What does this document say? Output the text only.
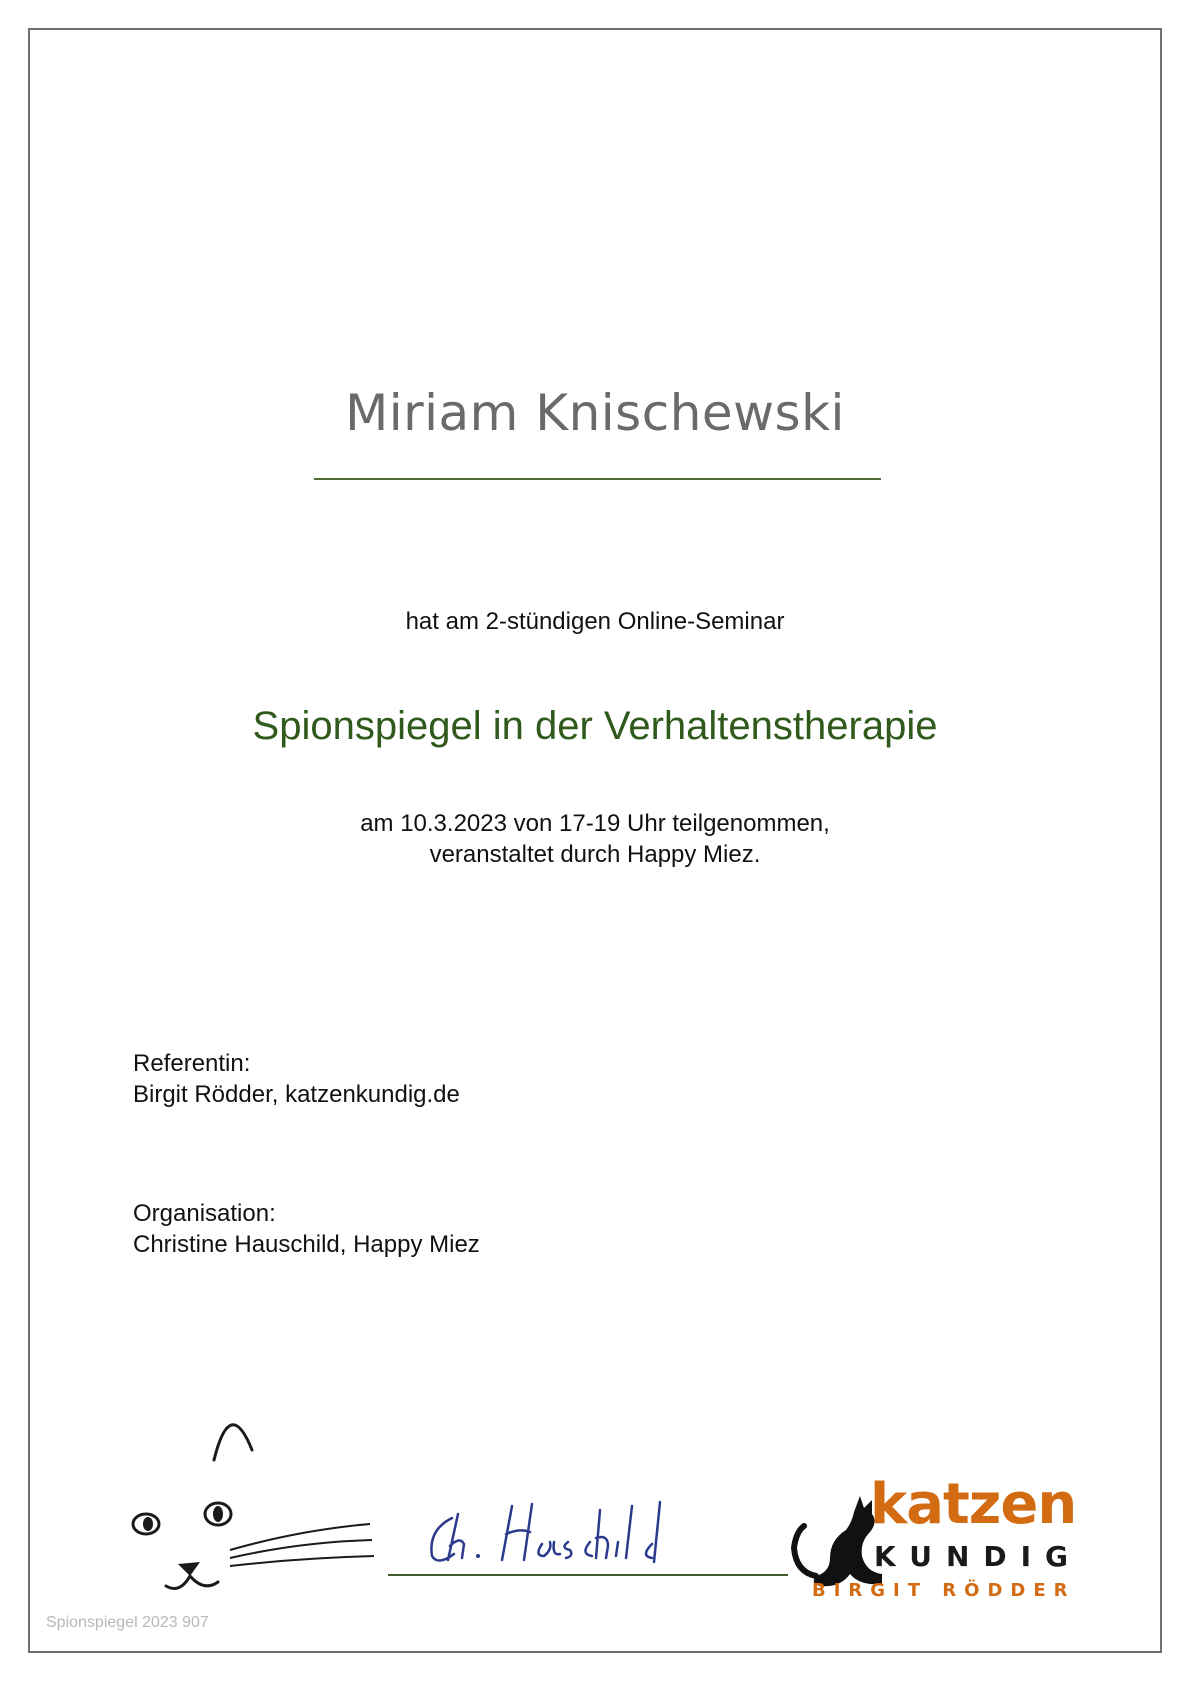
Miriam Knischewski
hat am 2-stündigen Online-Seminar
Spionspiegel in der Verhaltenstherapie
am 10.3.2023 von 17-19 Uhr teilgenommen,
veranstaltet durch Happy Miez.
Referentin:
Birgit Rödder, katzenkundig.de
Organisation:
Christine Hauschild, Happy Miez
katzen
KUNDIG
BIRGIT RÖDDER
Spionspiegel 2023 907
